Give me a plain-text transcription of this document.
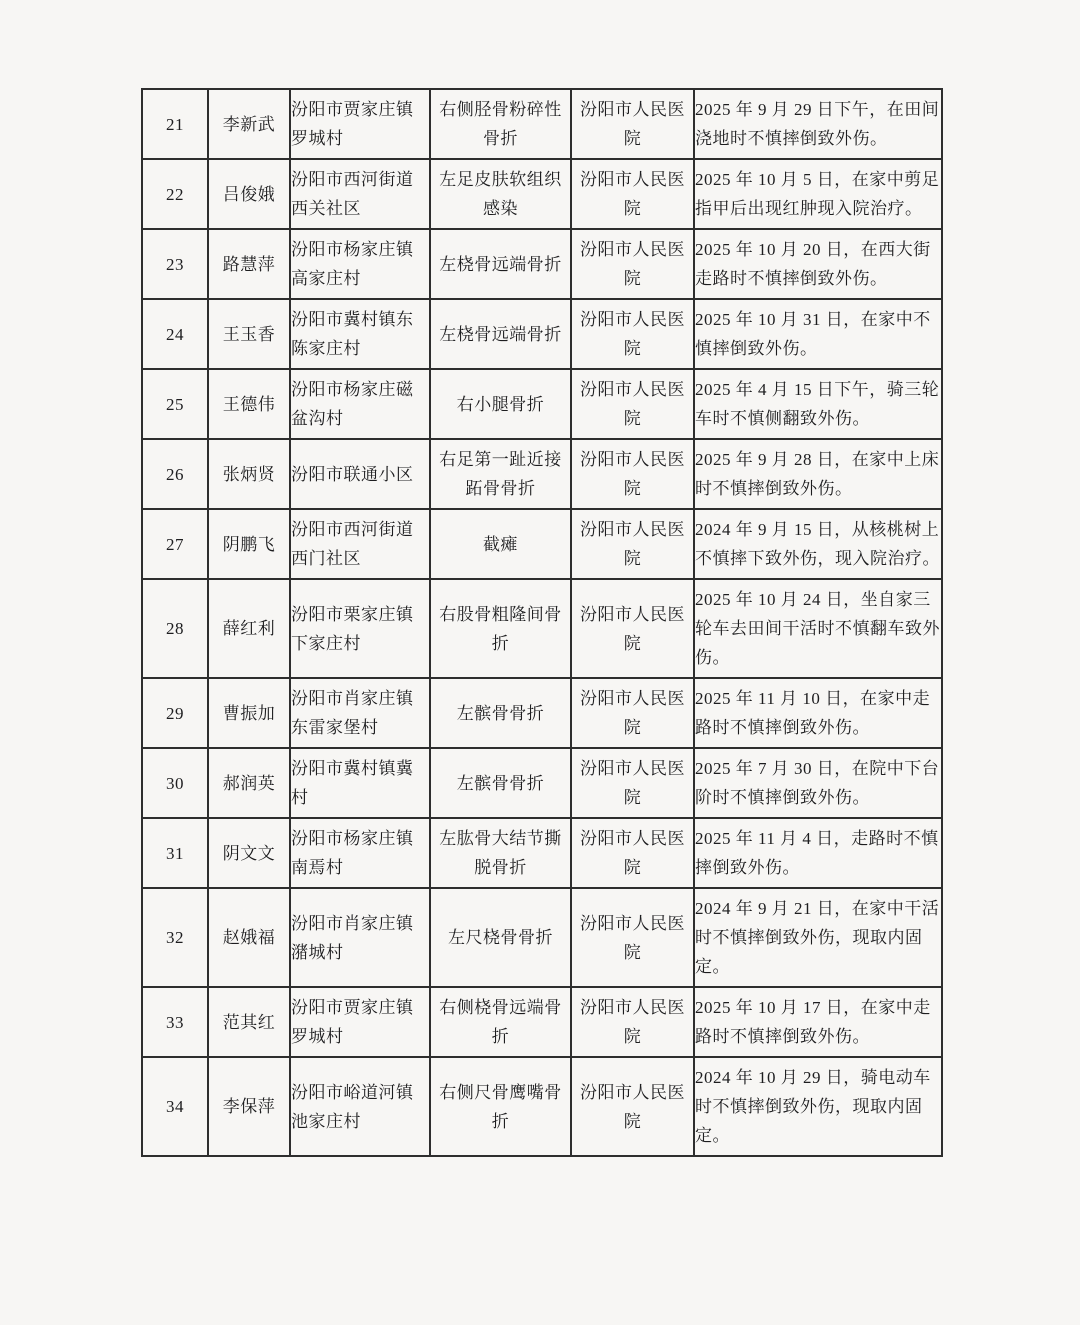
21	李新武	汾阳市贾家庄镇罗城村	右侧胫骨粉碎性骨折	汾阳市人民医院	2025 年 9 月 29 日下午，在田间浇地时不慎摔倒致外伤。
22	吕俊娥	汾阳市西河街道西关社区	左足皮肤软组织感染	汾阳市人民医院	2025 年 10 月 5 日，在家中剪足指甲后出现红肿现入院治疗。
23	路慧萍	汾阳市杨家庄镇高家庄村	左桡骨远端骨折	汾阳市人民医院	2025 年 10 月 20 日，在西大街走路时不慎摔倒致外伤。
24	王玉香	汾阳市冀村镇东陈家庄村	左桡骨远端骨折	汾阳市人民医院	2025 年 10 月 31 日，在家中不慎摔倒致外伤。
25	王德伟	汾阳市杨家庄磁盆沟村	右小腿骨折	汾阳市人民医院	2025 年 4 月 15 日下午，骑三轮车时不慎侧翻致外伤。
26	张炳贤	汾阳市联通小区	右足第一趾近接跖骨骨折	汾阳市人民医院	2025 年 9 月 28 日，在家中上床时不慎摔倒致外伤。
27	阴鹏飞	汾阳市西河街道西门社区	截瘫	汾阳市人民医院	2024 年 9 月 15 日，从核桃树上不慎摔下致外伤，现入院治疗。
28	薛红利	汾阳市栗家庄镇下家庄村	右股骨粗隆间骨折	汾阳市人民医院	2025 年 10 月 24 日，坐自家三轮车去田间干活时不慎翻车致外伤。
29	曹振加	汾阳市肖家庄镇东雷家堡村	左髌骨骨折	汾阳市人民医院	2025 年 11 月 10 日，在家中走路时不慎摔倒致外伤。
30	郝润英	汾阳市冀村镇冀村	左髌骨骨折	汾阳市人民医院	2025 年 7 月 30 日，在院中下台阶时不慎摔倒致外伤。
31	阴文文	汾阳市杨家庄镇南焉村	左肱骨大结节撕脱骨折	汾阳市人民医院	2025 年 11 月 4 日，走路时不慎摔倒致外伤。
32	赵娥福	汾阳市肖家庄镇潴城村	左尺桡骨骨折	汾阳市人民医院	2024 年 9 月 21 日，在家中干活时不慎摔倒致外伤，现取内固定。
33	范其红	汾阳市贾家庄镇罗城村	右侧桡骨远端骨折	汾阳市人民医院	2025 年 10 月 17 日，在家中走路时不慎摔倒致外伤。
34	李保萍	汾阳市峪道河镇池家庄村	右侧尺骨鹰嘴骨折	汾阳市人民医院	2024 年 10 月 29 日，骑电动车时不慎摔倒致外伤，现取内固定。
